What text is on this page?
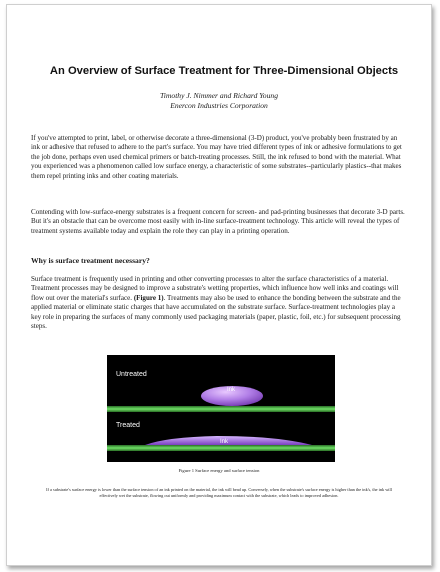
An Overview of Surface Treatment for Three-Dimensional Objects
Timothy J. Nimmer and Richard Young
Enercon Industries Corporation

If you've attempted to print, label, or otherwise decorate a three-dimensional (3-D) product, you've probably been frustrated by an ink or adhesive that refused to adhere to the part's surface. You may have tried different types of ink or adhesive formulations to get the job done, perhaps even used chemical primers or batch-treating processes. Still, the ink refused to bond with the material. What you experienced was a phenomenon called low surface energy, a characteristic of some substrates--particularly plastics--that makes them repel printing inks and other coating materials.

Contending with low-surface-energy substrates is a frequent concern for screen- and pad-printing businesses that decorate 3-D parts. But it's an obstacle that can be overcome most easily with in-line surface-treatment technology. This article will reveal the types of treatment systems available today and explain the role they can play in a printing operation.

Why is surface treatment necessary?

Surface treatment is frequently used in printing and other converting processes to alter the surface characteristics of a material. Treatment processes may be designed to improve a substrate's wetting properties, which influence how well inks and coatings will flow out over the material's surface. (Figure 1). Treatments may also be used to enhance the bonding between the substrate and the applied material or eliminate static charges that have accumulated on the substrate surface. Surface-treatment technologies play a key role in preparing the surfaces of many commonly used packaging materials (paper, plastic, foil, etc.) for subsequent processing steps.

Untreated
Ink
Treated
Ink
Figure 1 Surface energy and surface tension
If a substrate's surface energy is lower than the surface tension of an ink printed on the material, the ink will bead up. Conversely, when the substrate's surface energy is higher than the ink's, the ink will effectively wet the substrate, flowing out uniformly and providing maximum contact with the substrate, which leads to improved adhesion.
